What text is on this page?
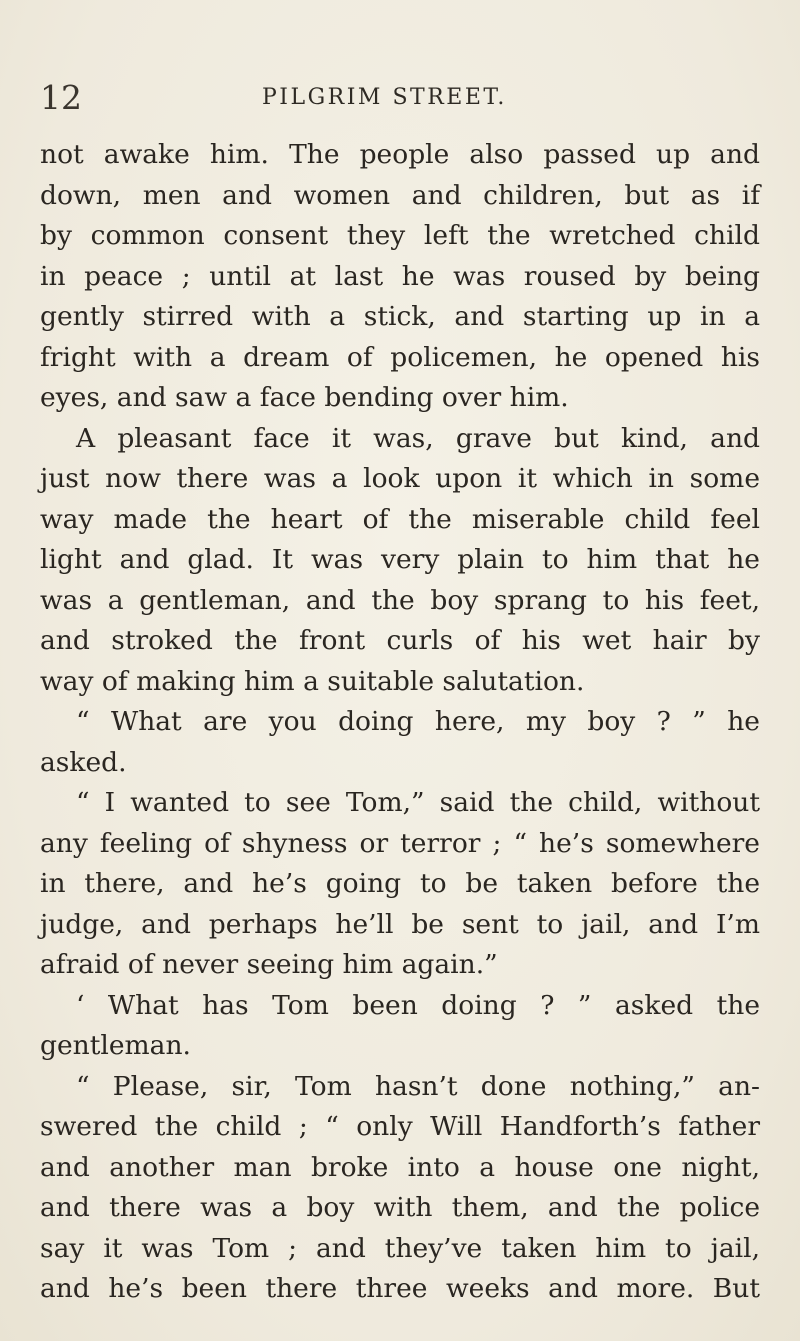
12	PILGRIM STREET.
not awake him. The people also passed up and
down, men and women and children, but as if
by common consent they left the wretched child
in peace ; until at last he was roused by being
gently stirred with a stick, and starting up in a
fright with a dream of policemen, he opened his
eyes, and saw a face bending over him.
A pleasant face it was, grave but kind, and
just now there was a look upon it which in some
way made the heart of the miserable child feel
light and glad. It was very plain to him that he
was a gentleman, and the boy sprang to his feet,
and stroked the front curls of his wet hair by
way of making him a suitable salutation.
“ What are you doing here, my boy ? ” he
asked.
“ I wanted to see Tom,” said the child, without
any feeling of shyness or terror ; “ he’s somewhere
in there, and he’s going to be taken before the
judge, and perhaps he’ll be sent to jail, and I’m
afraid of never seeing him again.”
‘ What has Tom been doing ? ” asked the
gentleman.
“ Please, sir, Tom hasn’t done nothing,” an-
swered the child ; “ only Will Handforth’s father
and another man broke into a house one night,
and there was a boy with them, and the police
say it was Tom ; and they’ve taken him to jail,
and he’s been there three weeks and more. But
